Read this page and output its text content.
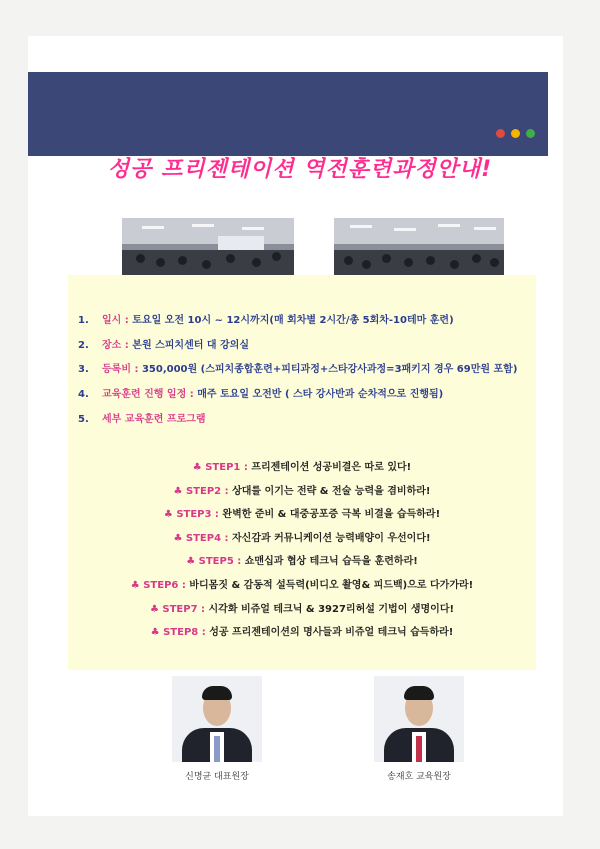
성공 프리젠테이션 역전훈련과정안내!
1. 일시 : 토요일 오전 10시 ~ 12시까지(매 회차별 2시간/총 5회차-10테마 훈련)
2. 장소 : 본원 스피치센터 대 강의실
3. 등록비 : 350,000원 (스피치종합훈련+피티과정+스타강사과정=3패키지 경우 69만원 포함)
4. 교육훈련 진행 일정 : 매주 토요일 오전반 ( 스타 강사반과 순차적으로 진행됨)
5. 세부 교육훈련 프로그램
♣ STEP1 : 프리젠테이션 성공비결은 따로 있다!
♣ STEP2 : 상대를 이기는 전략 & 전술 능력을 겸비하라!
♣ STEP3 : 완벽한 준비 & 대중공포증 극복 비결을 습득하라!
♣ STEP4 : 자신감과 커뮤니케이션 능력배양이 우선이다!
♣ STEP5 : 쇼맨십과 협상 테크닉 습득을 훈련하라!
♣ STEP6 : 바디몸짓 & 감동적 설득력(비디오 촬영& 피드백)으로 다가가라!
♣ STEP7 : 시각화 비쥬얼 테크닉 & 3927리허설 기법이 생명이다!
♣ STEP8 : 성공 프리젠테이션의 명사들과 비쥬얼 테크닉 습득하라!
신명균 대표원장	송재호 교육원장
